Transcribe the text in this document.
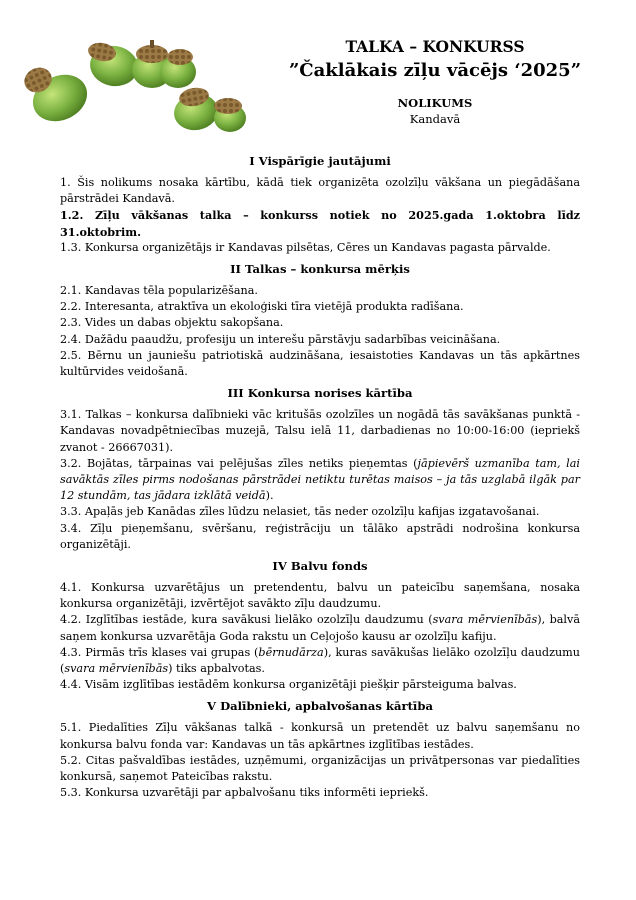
TALKA – KONKURSS
”Čaklākais zīļu vācējs ‘2025”
NOLIKUMS
Kandavā
I Vispārīgie jautājumi

1. Šis nolikums nosaka kārtību, kādā tiek organizēta ozolzīļu vākšana un piegādāšana pārstrādei Kandavā.

1.2. Zīļu vākšanas talka – konkurss notiek no 2025.gada 1.oktobra līdz 31.oktobrim.

1.3. Konkursa organizētājs ir Kandavas pilsētas, Cēres un Kandavas pagasta pārvalde.

II Talkas – konkursa mērķis

2.1. Kandavas tēla popularizēšana.

2.2. Interesanta, atraktīva un ekoloģiski tīra vietējā produkta radīšana.

2.3. Vides un dabas objektu sakopšana.

2.4. Dažādu paaudžu, profesiju un interešu pārstāvju sadarbības veicināšana.

2.5. Bērnu un jauniešu patriotiskā audzināšana, iesaistoties Kandavas un tās apkārtnes kultūrvides veidošanā.

III Konkursa norises kārtība

3.1. Talkas – konkursa dalībnieki vāc kritušās ozolzīles un nogādā tās savākšanas punktā - Kandavas novadpētniecības muzejā, Talsu ielā 11, darbadienas no 10:00-16:00 (iepriekš zvanot - 26667031).

3.2. Bojātas, tārpainas vai pelējušas zīles netiks pieņemtas (jāpievērš uzmanība tam, lai savāktās zīles pirms nodošanas pārstrādei netiktu turētas maisos – ja tās uzglabā ilgāk par 12 stundām, tas jādara izklātā veidā).

3.3. Apaļās jeb Kanādas zīles lūdzu nelasiet, tās neder ozolzīļu kafijas izgatavošanai.

3.4. Zīļu pieņemšanu, svēršanu, reģistrāciju un tālāko apstrādi nodrošina konkursa organizētāji.

IV Balvu fonds

4.1. Konkursa uzvarētājus un pretendentu, balvu un pateicību saņemšana, nosaka konkursa organizētāji, izvērtējot savākto zīļu daudzumu.

4.2. Izglītības iestāde, kura savākusi lielāko ozolzīļu daudzumu (svara mērvienībās), balvā saņem konkursa uzvarētāja Goda rakstu un Ceļojošo kausu ar ozolzīļu kafiju.

4.3. Pirmās trīs klases vai grupas (bērnudārza), kuras savākušas lielāko ozolzīļu daudzumu (svara mērvienībās) tiks apbalvotas.

4.4. Visām izglītības iestādēm konkursa organizētāji piešķir pārsteiguma balvas.

V Dalībnieki, apbalvošanas kārtība

5.1. Piedalīties Zīļu vākšanas talkā - konkursā un pretendēt uz balvu saņemšanu no konkursa balvu fonda var: Kandavas un tās apkārtnes izglītības iestādes.

5.2. Citas pašvaldības iestādes, uzņēmumi, organizācijas un privātpersonas var piedalīties konkursā, saņemot Pateicības rakstu.

5.3. Konkursa uzvarētāji par apbalvošanu tiks informēti iepriekš.
